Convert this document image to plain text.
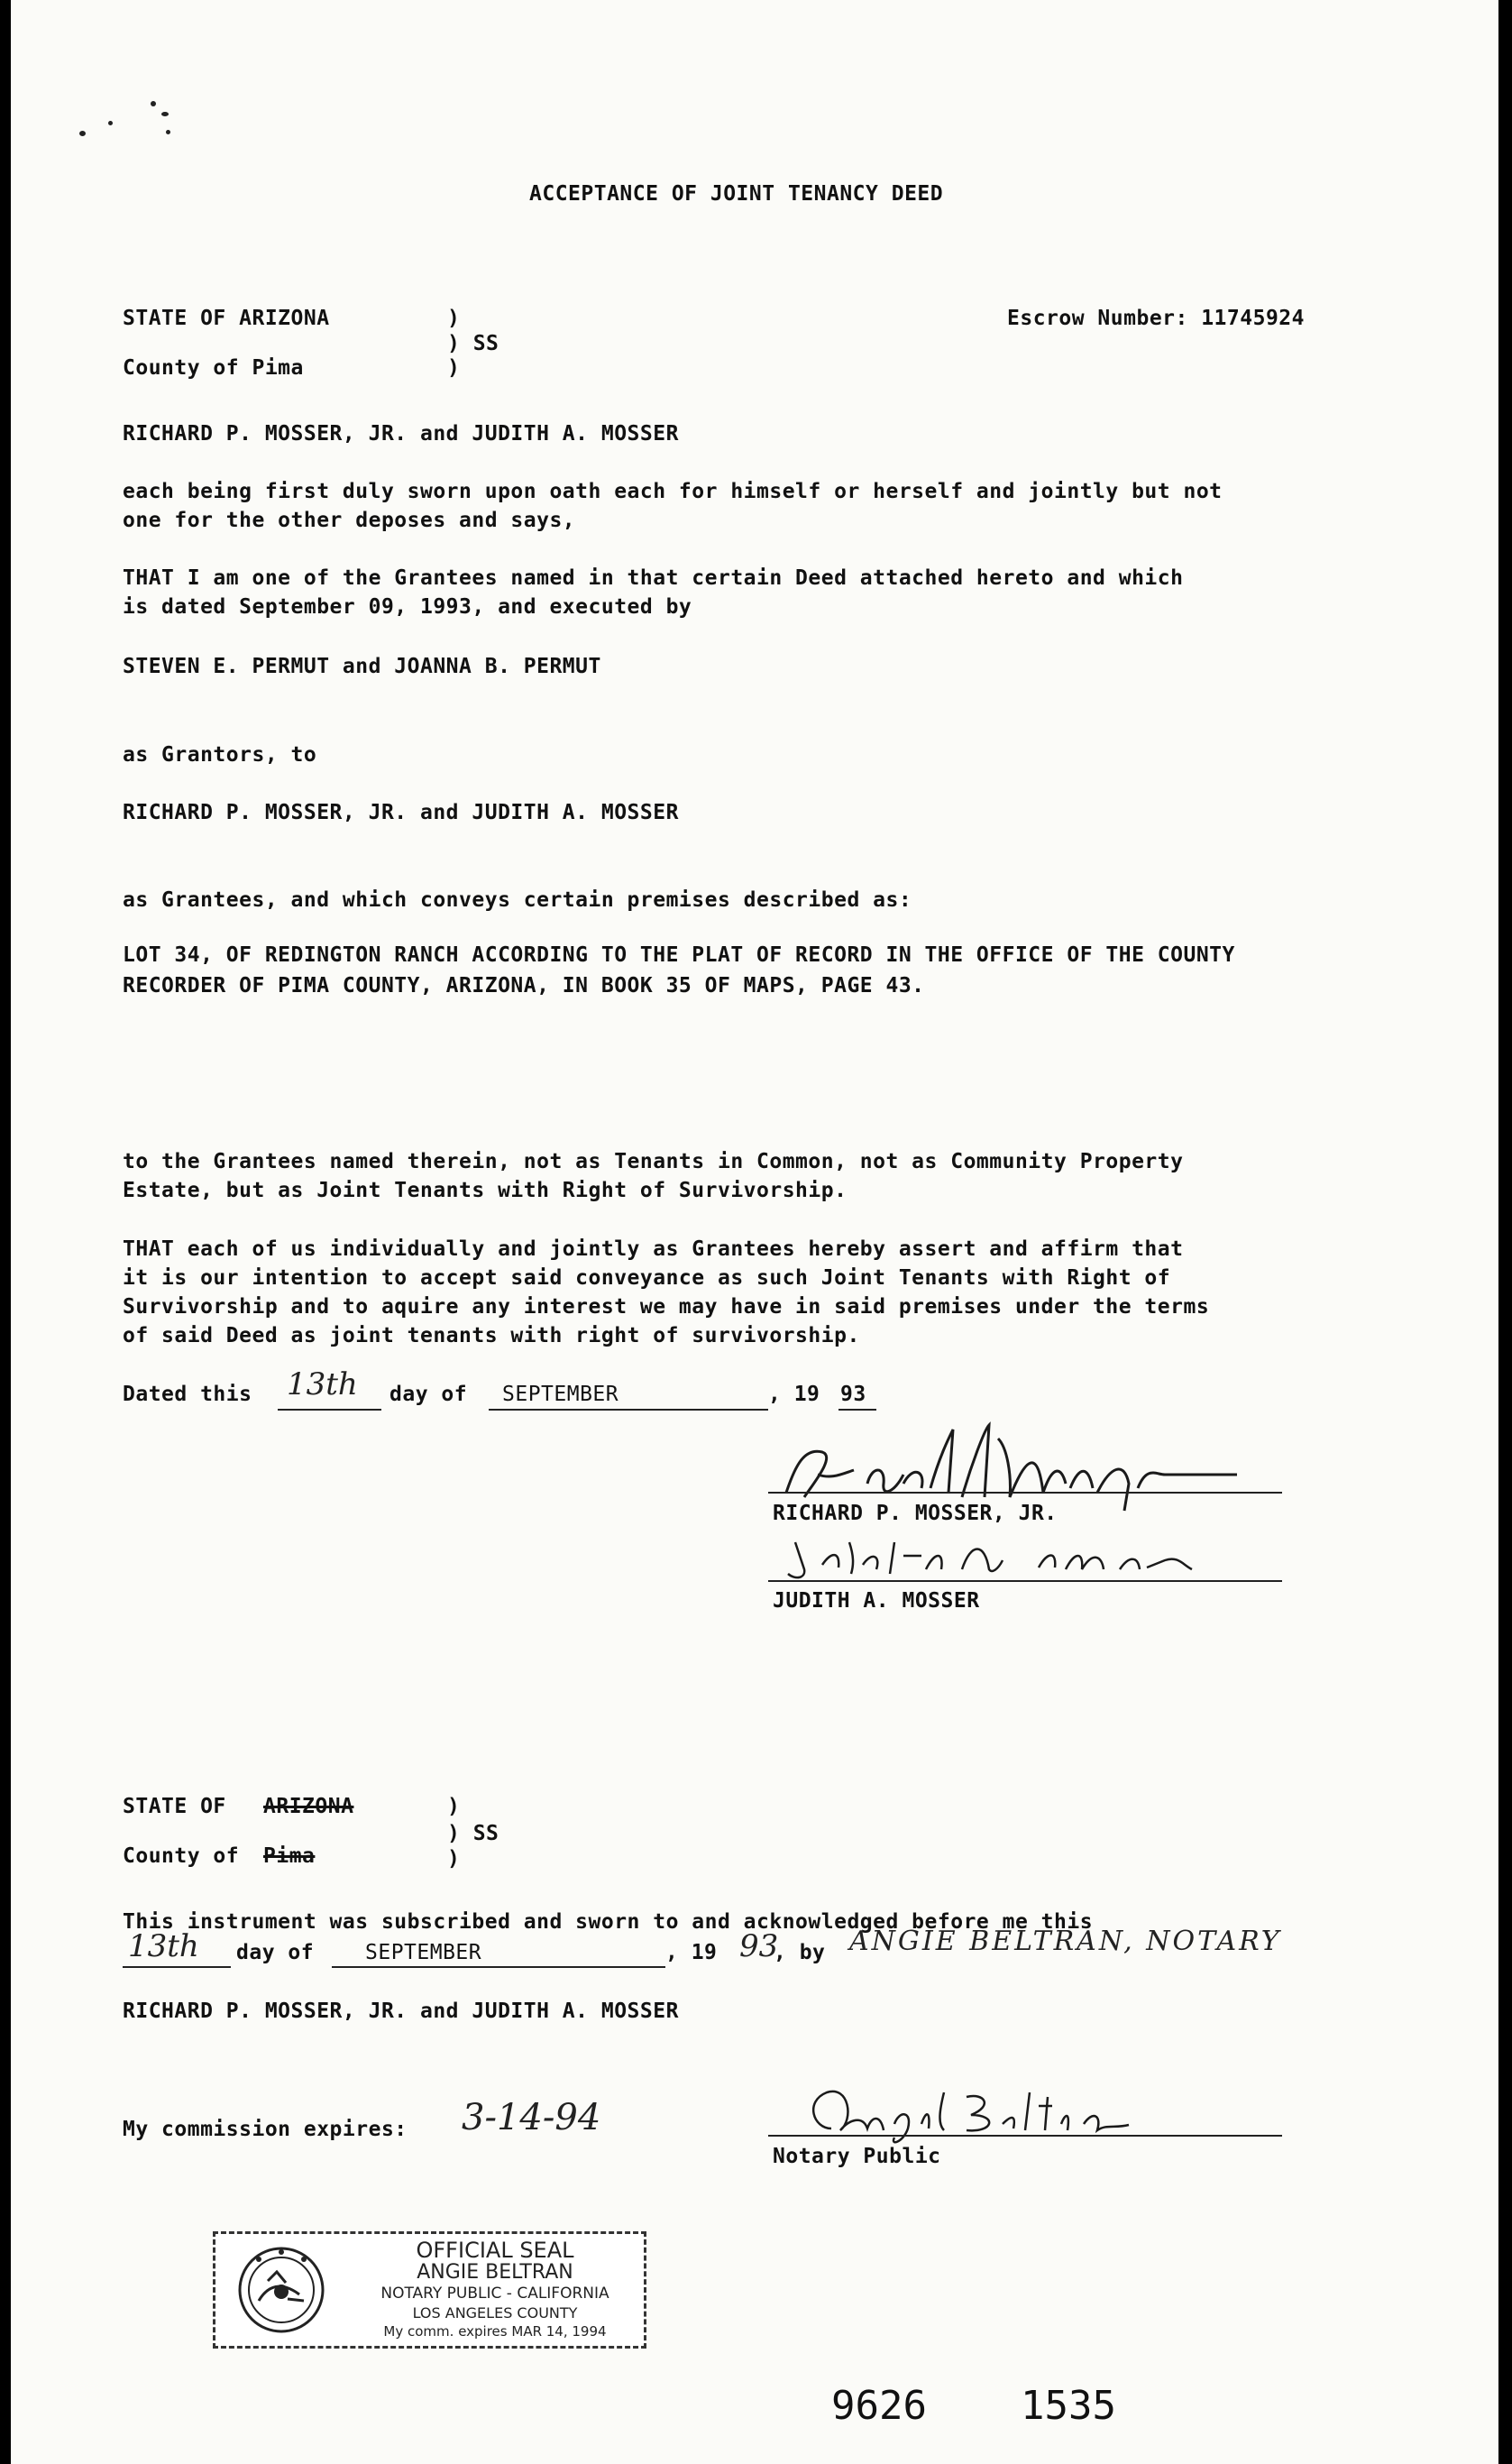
ACCEPTANCE OF JOINT TENANCY DEED
STATE OF ARIZONA	)
) SS
County of Pima	)
Escrow Number: 11745924
RICHARD P. MOSSER, JR. and JUDITH A. MOSSER
each being first duly sworn upon oath each for himself or herself and jointly but not
one for the other deposes and says,
THAT I am one of the Grantees named in that certain Deed attached hereto and which
is dated September 09, 1993, and executed by
STEVEN E. PERMUT and JOANNA B. PERMUT
as Grantors, to
RICHARD P. MOSSER, JR. and JUDITH A. MOSSER
as Grantees, and which conveys certain premises described as:
LOT 34, OF REDINGTON RANCH ACCORDING TO THE PLAT OF RECORD IN THE OFFICE OF THE COUNTY
RECORDER OF PIMA COUNTY, ARIZONA, IN BOOK 35 OF MAPS, PAGE 43.
to the Grantees named therein, not as Tenants in Common, not as Community Property
Estate, but as Joint Tenants with Right of Survivorship.
THAT each of us individually and jointly as Grantees hereby assert and affirm that
it is our intention to accept said conveyance as such Joint Tenants with Right of
Survivorship and to aquire any interest we may have in said premises under the terms
of said Deed as joint tenants with right of survivorship.
Dated this 13th day of SEPTEMBER	, 19 93
RICHARD P. MOSSER, JR.
JUDITH A. MOSSER
STATE OF ARIZONA	)
) SS
County of Pima	)
This instrument was subscribed and sworn to and acknowledged before me this
13th day of SEPTEMBER	, 19 93
, by ANGIE BELTRAN, NOTARY
RICHARD P. MOSSER, JR. and JUDITH A. MOSSER
My commission expires: 3-14-94
Notary Public
OFFICIAL SEAL
ANGIE BELTRAN
NOTARY PUBLIC - CALIFORNIA
LOS ANGELES COUNTY
My comm. expires MAR 14, 1994
9626 1535
